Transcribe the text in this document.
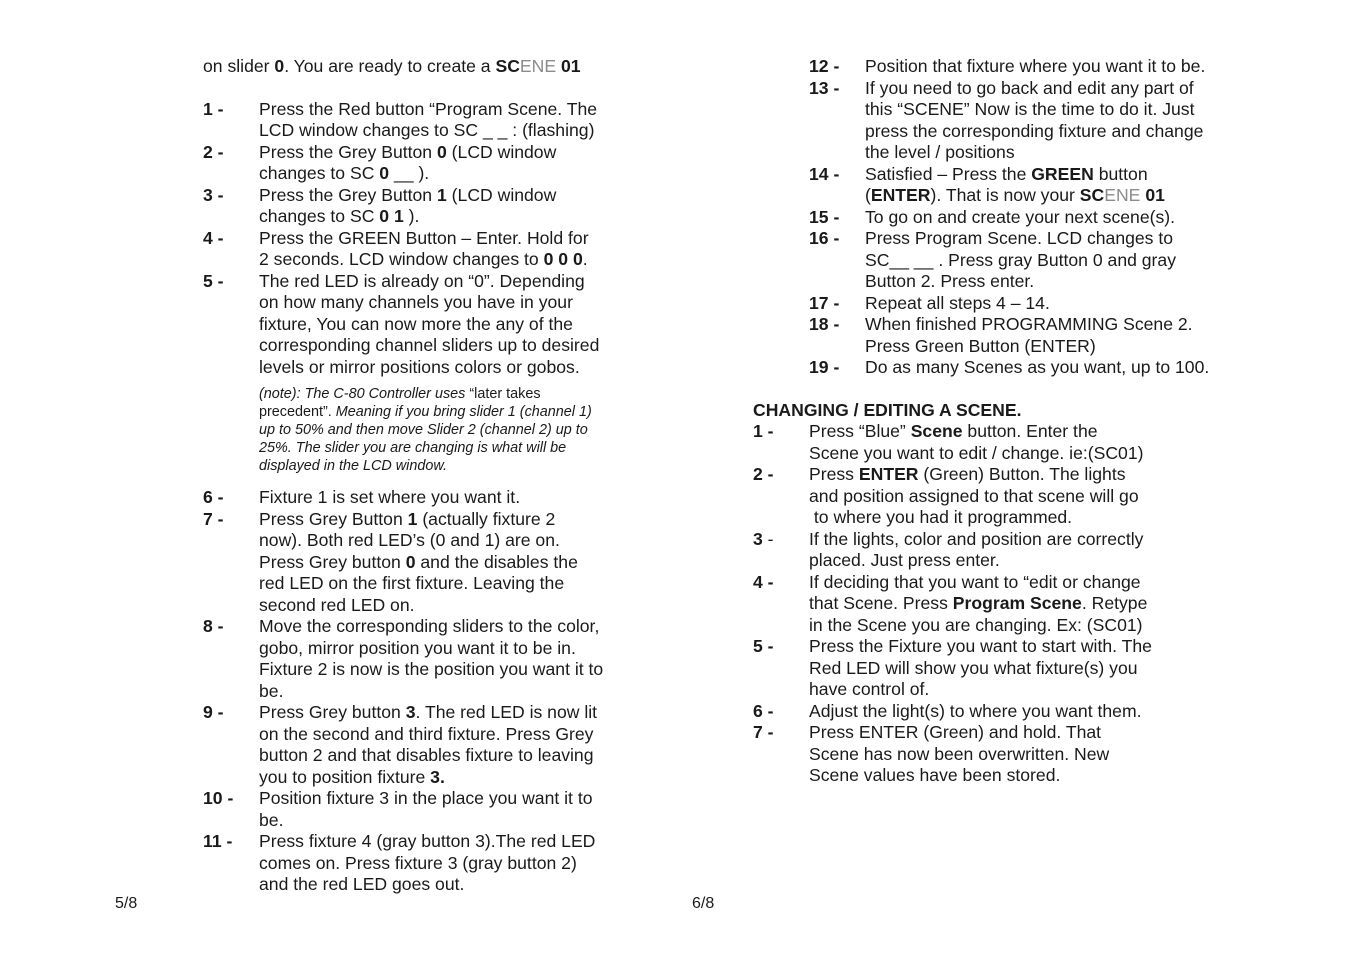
on slider 0. You are ready to create a SCENE 01

1 -	Press the Red button “Program Scene. The
LCD window changes to SC _ _ : (flashing)
2 -	Press the Grey Button 0 (LCD window
changes to SC 0 __ ).
3 -	Press the Grey Button 1 (LCD window
changes to SC 0 1 ).
4 -	Press the GREEN Button – Enter. Hold for
2 seconds. LCD window changes to 0 0 0.
5 -	The red LED is already on “0”. Depending
on how many channels you have in your
fixture, You can now more the any of the
corresponding channel sliders up to desired
levels or mirror positions colors or gobos.
(note): The C-80 Controller uses “later takes
precedent”. Meaning if you bring slider 1 (channel 1)
up to 50% and then move Slider 2 (channel 2) up to
25%. The slider you are changing is what will be
displayed in the LCD window.
6 -	Fixture 1 is set where you want it.
7 -	Press Grey Button 1 (actually fixture 2
now). Both red LED’s (0 and 1) are on.
Press Grey button 0 and the disables the
red LED on the first fixture. Leaving the
second red LED on.
8 -	Move the corresponding sliders to the color,
gobo, mirror position you want it to be in.
Fixture 2 is now is the position you want it to
be.
9 -	Press Grey button 3. The red LED is now lit
on the second and third fixture. Press Grey
button 2 and that disables fixture to leaving
you to position fixture 3.
10 -	Position fixture 3 in the place you want it to
be.
11 -	Press fixture 4 (gray button 3).The red LED
comes on. Press fixture 3 (gray button 2)
and the red LED goes out.
12 -	Position that fixture where you want it to be.
13 -	If you need to go back and edit any part of
this “SCENE” Now is the time to do it. Just
press the corresponding fixture and change
the level / positions
14 -	Satisfied – Press the GREEN button
(ENTER). That is now your SCENE 01
15 -	To go on and create your next scene(s).
16 -	Press Program Scene. LCD changes to
SC__ __ . Press gray Button 0 and gray
Button 2. Press enter.
17 -	Repeat all steps 4 – 14.
18 -	When finished PROGRAMMING Scene 2.
Press Green Button (ENTER)
19 -	Do as many Scenes as you want, up to 100.

CHANGING / EDITING A SCENE.

1 -	Press “Blue” Scene button. Enter the
Scene you want to edit / change. ie:(SC01)
2 -	Press ENTER (Green) Button. The lights
and position assigned to that scene will go
to where you had it programmed.
3 -	If the lights, color and position are correctly
placed. Just press enter.
4 -	If deciding that you want to “edit or change
that Scene. Press Program Scene. Retype
in the Scene you are changing. Ex: (SC01)
5 -	Press the Fixture you want to start with. The
Red LED will show you what fixture(s) you
have control of.
6 -	Adjust the light(s) to where you want them.
7 -	Press ENTER (Green) and hold. That
Scene has now been overwritten. New
Scene values have been stored.
5/8	6/8
